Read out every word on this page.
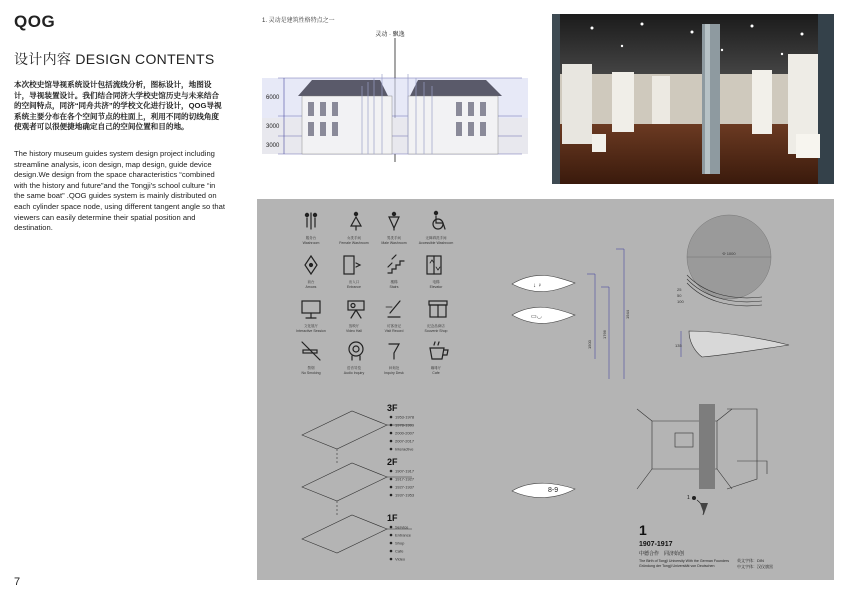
QOG
设计内容 DESIGN CONTENTS
本次校史馆导视系统设计包括流线分析，图标设计，地图设计，导视装置设计。我们结合同济大学校史馆历史与未来结合的空间特点，同济“同舟共济”的学校文化进行设计，QOG导视系统主要分布在各个空间节点的柱面上，利用不同的切线角度使观者可以很便捷地确定自己的空间位置和目的地。
The history museum guides system design project including streamline analysis, icon design, map design, guide device design.We design from the space characteristics “combined with the history and future”and the Tongji's school culture “in the same boat” .QOG guides system is mainly distributed on each cylinder space node, using different tangent angle so that viewers can easily determine their spatial position and destination.
7
1. 灵动是建筑性格特点之一
灵动 · 飘逸
6000
3000
3000
服务台
Washroom
女洗手间
Female Washroom
男洗手间
Male Washroom
无障碍洗手间
Accessible Washroom
前台
Arrows
出入口
Entrance
楼梯
Stairs
电梯
Elevator
文化展厅
Interactive Session
放映厅
Video Hall
访客登记
Visit Record
纪念品商店
Souvenir Shop
禁烟
No Smoking
语音导览
Audio Inquiry
问询处
Inquiry Desk
咖啡厅
Cafe
↓ ♀
▭◡
8-9
1500
1766
1944
Φ 1000
25
50
100
135
3F
1953-1978
1978-1999
2000-2007
2007-2017
Interactive
2F
1907-1917
1917-1927
1927-1937
1937-1953
1F
Service
Entrance
Shop
Cafe
Video
1
1
1907-1917
中德合作　同济始创
The Birth of Tongji University With the German Founders
Gründung der Tongji Universität von Deutschen
英文字体：DIN
中文字体：汉仪旗黑
